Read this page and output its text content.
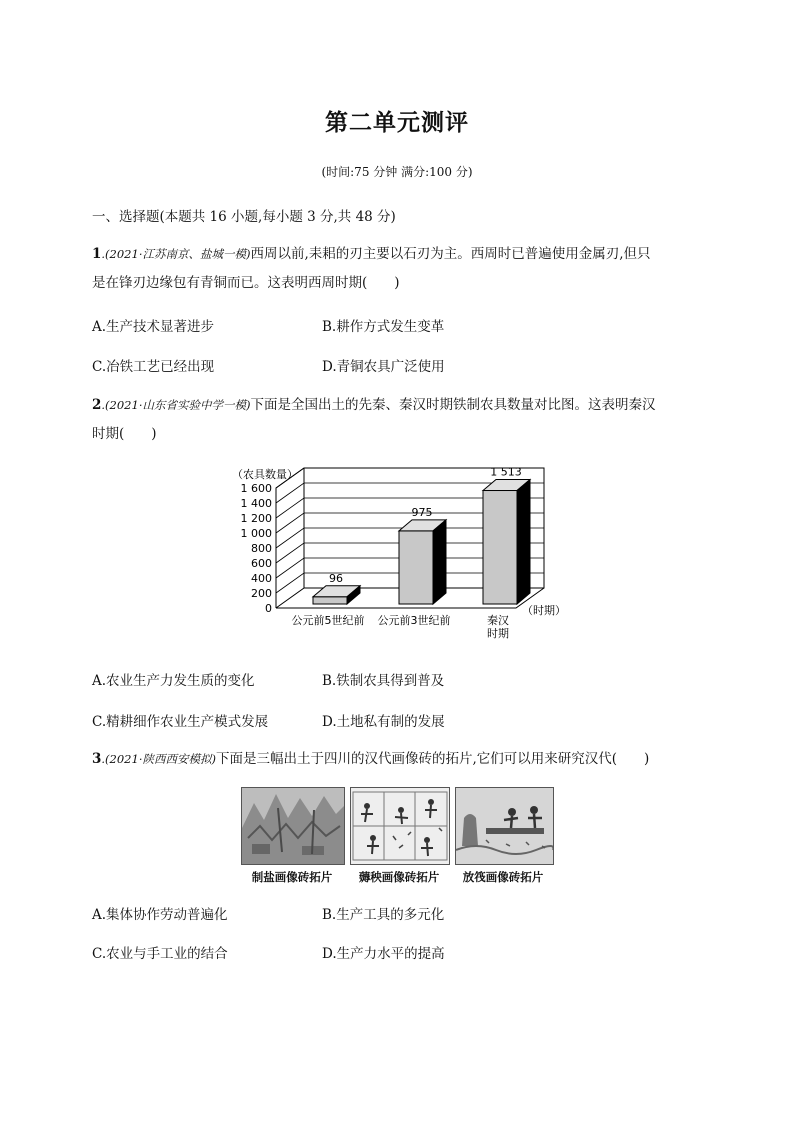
第二单元测评
(时间:75 分钟 满分:100 分)
一、选择题(本题共 16 小题,每小题 3 分,共 48 分)
1.(2021·江苏南京、盐城一模)西周以前,耒耜的刃主要以石刃为主。西周时已普遍使用金属刃,但只
是在锋刃边缘包有青铜而已。这表明西周时期(　　)
A.生产技术显著进步	B.耕作方式发生变革
C.冶铁工艺已经出现	D.青铜农具广泛使用
2.(2021·山东省实验中学一模)下面是全国出土的先秦、秦汉时期铁制农具数量对比图。这表明秦汉
时期(　　)
0
200
400
600
800
1 000
1 200
1 400
1 600
（农具数量）
（时期）
96
公元前5世纪前
975
公元前3世纪前
1 513
秦汉
时期
A.农业生产力发生质的变化	B.铁制农具得到普及
C.精耕细作农业生产模式发展	D.土地私有制的发展
3.(2021·陕西西安模拟)下面是三幅出土于四川的汉代画像砖的拓片,它们可以用来研究汉代(　　)
制盐画像砖拓片	薅秧画像砖拓片	放筏画像砖拓片
A.集体协作劳动普遍化	B.生产工具的多元化
C.农业与手工业的结合	D.生产力水平的提高
